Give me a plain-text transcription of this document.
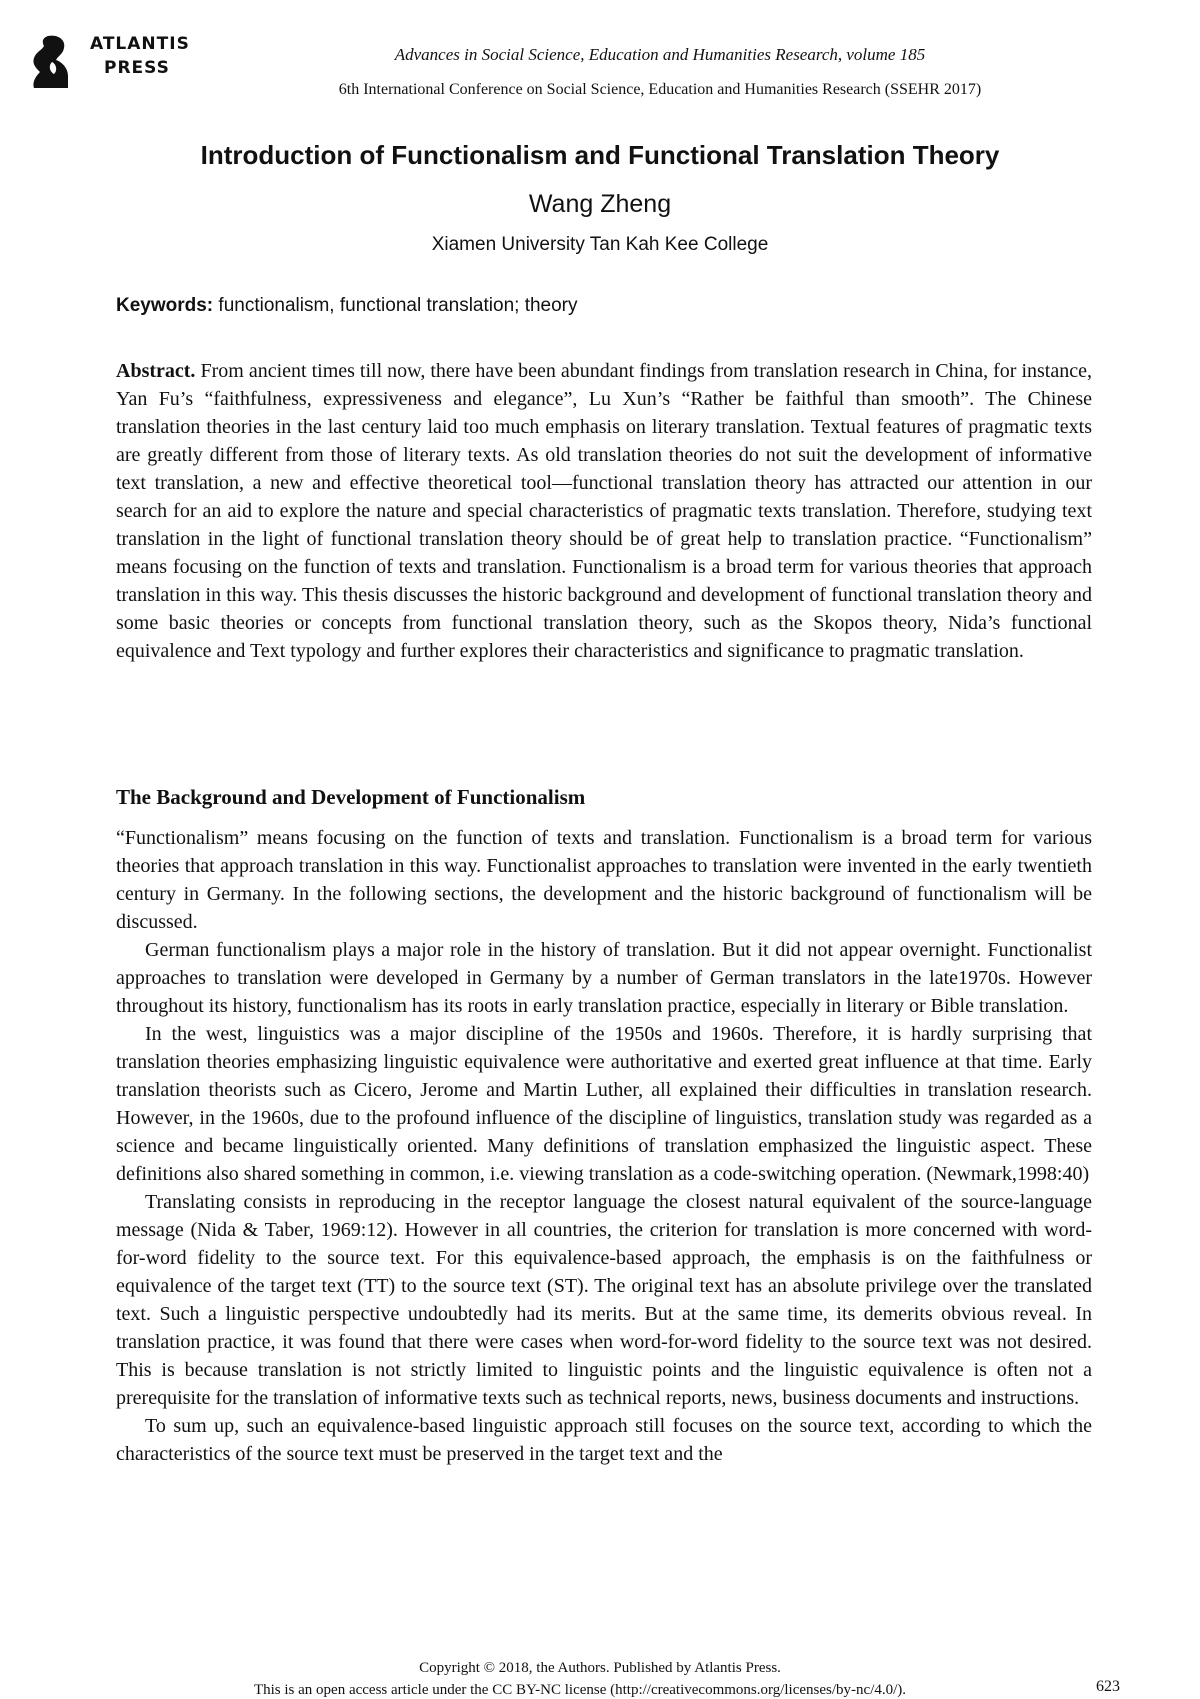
ATLANTIS
PRESS
Advances in Social Science, Education and Humanities Research, volume 185
6th International Conference on Social Science, Education and Humanities Research (SSEHR 2017)
Introduction of Functionalism and Functional Translation Theory
Wang Zheng
Xiamen University Tan Kah Kee College
Keywords: functionalism, functional translation; theory
Abstract. From ancient times till now, there have been abundant findings from translation research in China, for instance, Yan Fu’s “faithfulness, expressiveness and elegance”, Lu Xun’s “Rather be faithful than smooth”. The Chinese translation theories in the last century laid too much emphasis on literary translation. Textual features of pragmatic texts are greatly different from those of literary texts. As old translation theories do not suit the development of informative text translation, a new and effective theoretical tool—functional translation theory has attracted our attention in our search for an aid to explore the nature and special characteristics of pragmatic texts translation. Therefore, studying text translation in the light of functional translation theory should be of great help to translation practice. “Functionalism” means focusing on the function of texts and translation. Functionalism is a broad term for various theories that approach translation in this way. This thesis discusses the historic background and development of functional translation theory and some basic theories or concepts from functional translation theory, such as the Skopos theory, Nida’s functional equivalence and Text typology and further explores their characteristics and significance to pragmatic translation.
The Background and Development of Functionalism

“Functionalism” means focusing on the function of texts and translation. Functionalism is a broad term for various theories that approach translation in this way. Functionalist approaches to translation were invented in the early twentieth century in Germany. In the following sections, the development and the historic background of functionalism will be discussed.

German functionalism plays a major role in the history of translation. But it did not appear overnight. Functionalist approaches to translation were developed in Germany by a number of German translators in the late1970s. However throughout its history, functionalism has its roots in early translation practice, especially in literary or Bible translation.

In the west, linguistics was a major discipline of the 1950s and 1960s. Therefore, it is hardly surprising that translation theories emphasizing linguistic equivalence were authoritative and exerted great influence at that time. Early translation theorists such as Cicero, Jerome and Martin Luther, all explained their difficulties in translation research. However, in the 1960s, due to the profound influence of the discipline of linguistics, translation study was regarded as a science and became linguistically oriented. Many definitions of translation emphasized the linguistic aspect. These definitions also shared something in common, i.e. viewing translation as a code-switching operation. (Newmark,1998:40)

Translating consists in reproducing in the receptor language the closest natural equivalent of the source-language message (Nida & Taber, 1969:12). However in all countries, the criterion for translation is more concerned with word-for-word fidelity to the source text. For this equivalence-based approach, the emphasis is on the faithfulness or equivalence of the target text (TT) to the source text (ST). The original text has an absolute privilege over the translated text. Such a linguistic perspective undoubtedly had its merits. But at the same time, its demerits obvious reveal. In translation practice, it was found that there were cases when word-for-word fidelity to the source text was not desired. This is because translation is not strictly limited to linguistic points and the linguistic equivalence is often not a prerequisite for the translation of informative texts such as technical reports, news, business documents and instructions.

To sum up, such an equivalence-based linguistic approach still focuses on the source text, according to which the characteristics of the source text must be preserved in the target text and the

Copyright © 2018, the Authors. Published by Atlantis Press.
This is an open access article under the CC BY-NC license (http://creativecommons.org/licenses/by-nc/4.0/).	623
